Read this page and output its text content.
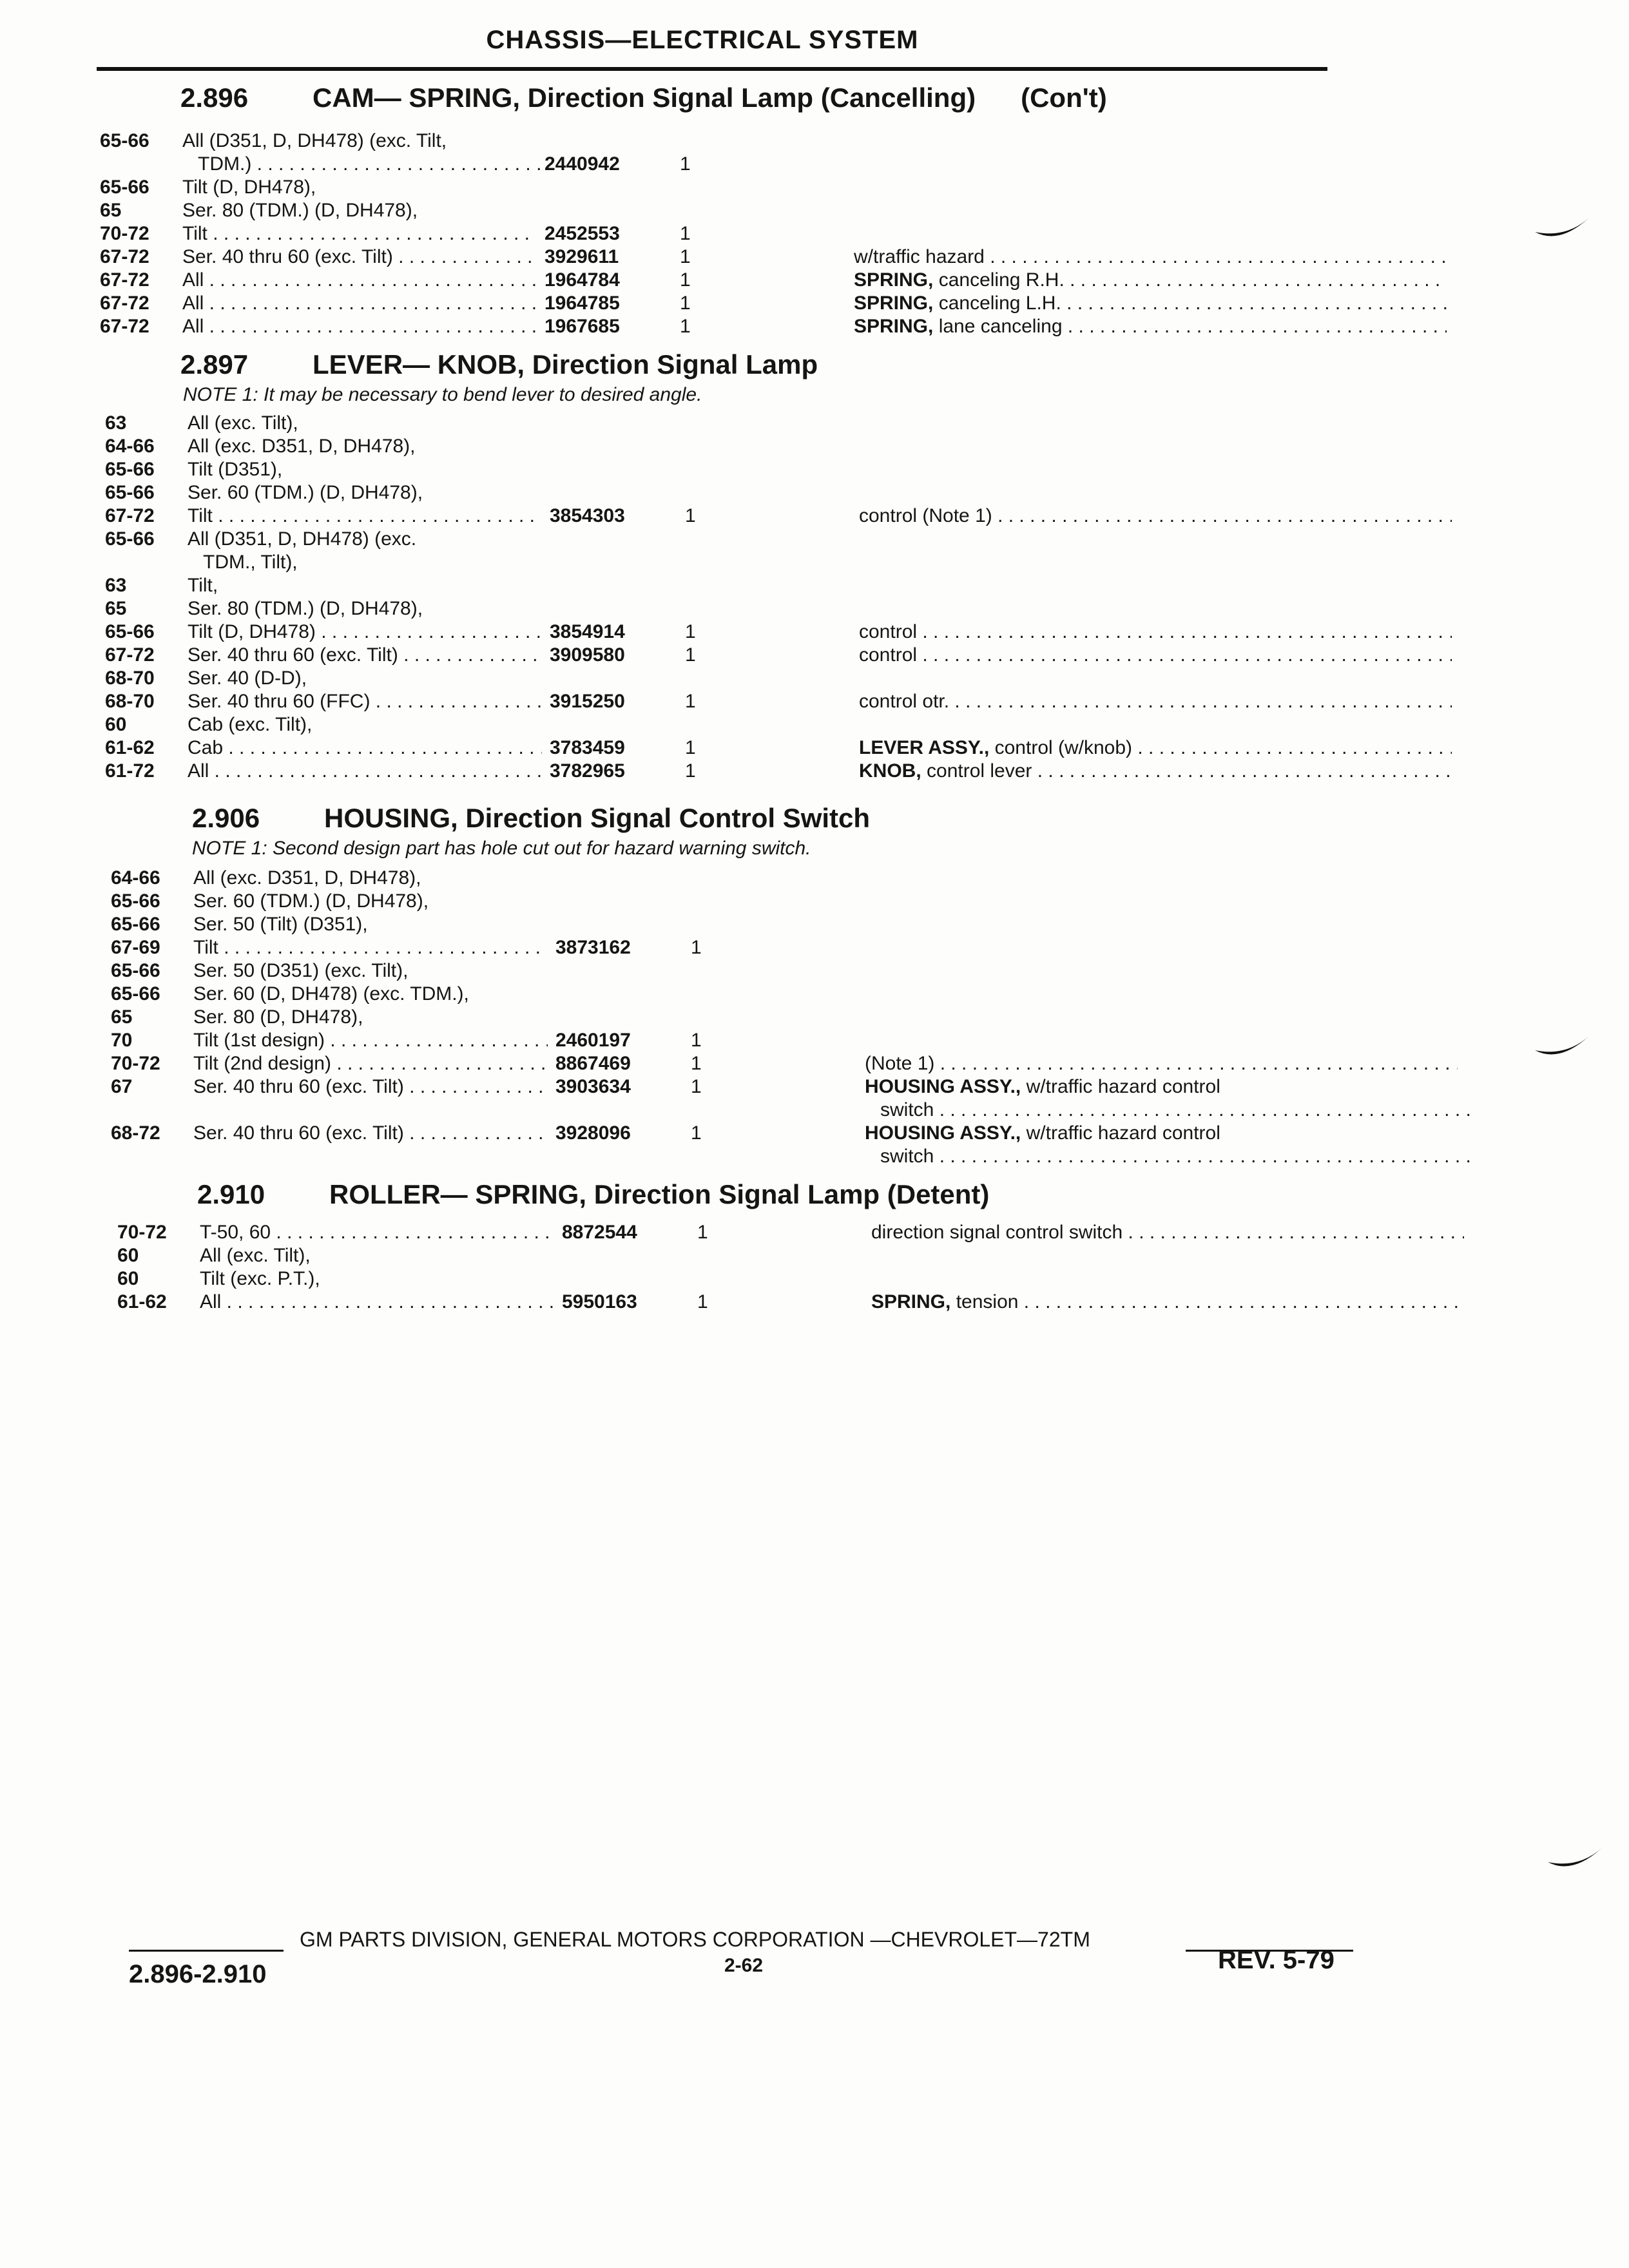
CHASSIS—ELECTRICAL SYSTEM
2.896 CAM— SPRING, Direction Signal Lamp (Cancelling) (Con't)
65-66	All (D351, D, DH478) (exc. Tilt,
TDM.) . . .	2440942	1
65-66	Tilt (D, DH478),
65	Ser. 80 (TDM.) (D, DH478),
70-72	Tilt . . .	2452553	1
67-72	Ser. 40 thru 60 (exc. Tilt) . . .	3929611	1	w/traffic hazard . . .
67-72	All . . .	1964784	1	SPRING, canceling R.H. . . .
67-72	All . . .	1964785	1	SPRING, canceling L.H. . . .
67-72	All . . .	1967685	1	SPRING, lane canceling . . .
2.897 LEVER— KNOB, Direction Signal Lamp
NOTE 1: It may be necessary to bend lever to desired angle.
63	All (exc. Tilt),
64-66	All (exc. D351, D, DH478),
65-66	Tilt (D351),
65-66	Ser. 60 (TDM.) (D, DH478),
67-72	Tilt . . .	3854303	1	control (Note 1) . . .
65-66	All (D351, D, DH478) (exc.
TDM., Tilt),
63	Tilt,
65	Ser. 80 (TDM.) (D, DH478),
65-66	Tilt (D, DH478) . . .	3854914	1	control . . .
67-72	Ser. 40 thru 60 (exc. Tilt) . . .	3909580	1	control . . .
68-70	Ser. 40 (D-D),
68-70	Ser. 40 thru 60 (FFC) . . .	3915250	1	control otr. . . .
60	Cab (exc. Tilt),
61-62	Cab . . .	3783459	1	LEVER ASSY., control (w/knob) . . .
61-72	All . . .	3782965	1	KNOB, control lever . . .
2.906 HOUSING, Direction Signal Control Switch
NOTE 1: Second design part has hole cut out for hazard warning switch.
64-66	All (exc. D351, D, DH478),
65-66	Ser. 60 (TDM.) (D, DH478),
65-66	Ser. 50 (Tilt) (D351),
67-69	Tilt . . .	3873162	1
65-66	Ser. 50 (D351) (exc. Tilt),
65-66	Ser. 60 (D, DH478) (exc. TDM.),
65	Ser. 80 (D, DH478),
70	Tilt (1st design) . . .	2460197	1
70-72	Tilt (2nd design) . . .	8867469	1	(Note 1) . . .
67	Ser. 40 thru 60 (exc. Tilt) . . .	3903634	1	HOUSING ASSY., w/traffic hazard control
switch . . .
68-72	Ser. 40 thru 60 (exc. Tilt) . . .	3928096	1	HOUSING ASSY., w/traffic hazard control
switch . . .
2.910 ROLLER— SPRING, Direction Signal Lamp (Detent)
70-72	T-50, 60 . . .	8872544	1	direction signal control switch . . .
60	All (exc. Tilt),
60	Tilt (exc. P.T.),
61-62	All . . .	5950163	1	SPRING, tension . . .
GM PARTS DIVISION, GENERAL MOTORS CORPORATION —CHEVROLET—72TM
2-62
2.896-2.910	REV. 5-79
